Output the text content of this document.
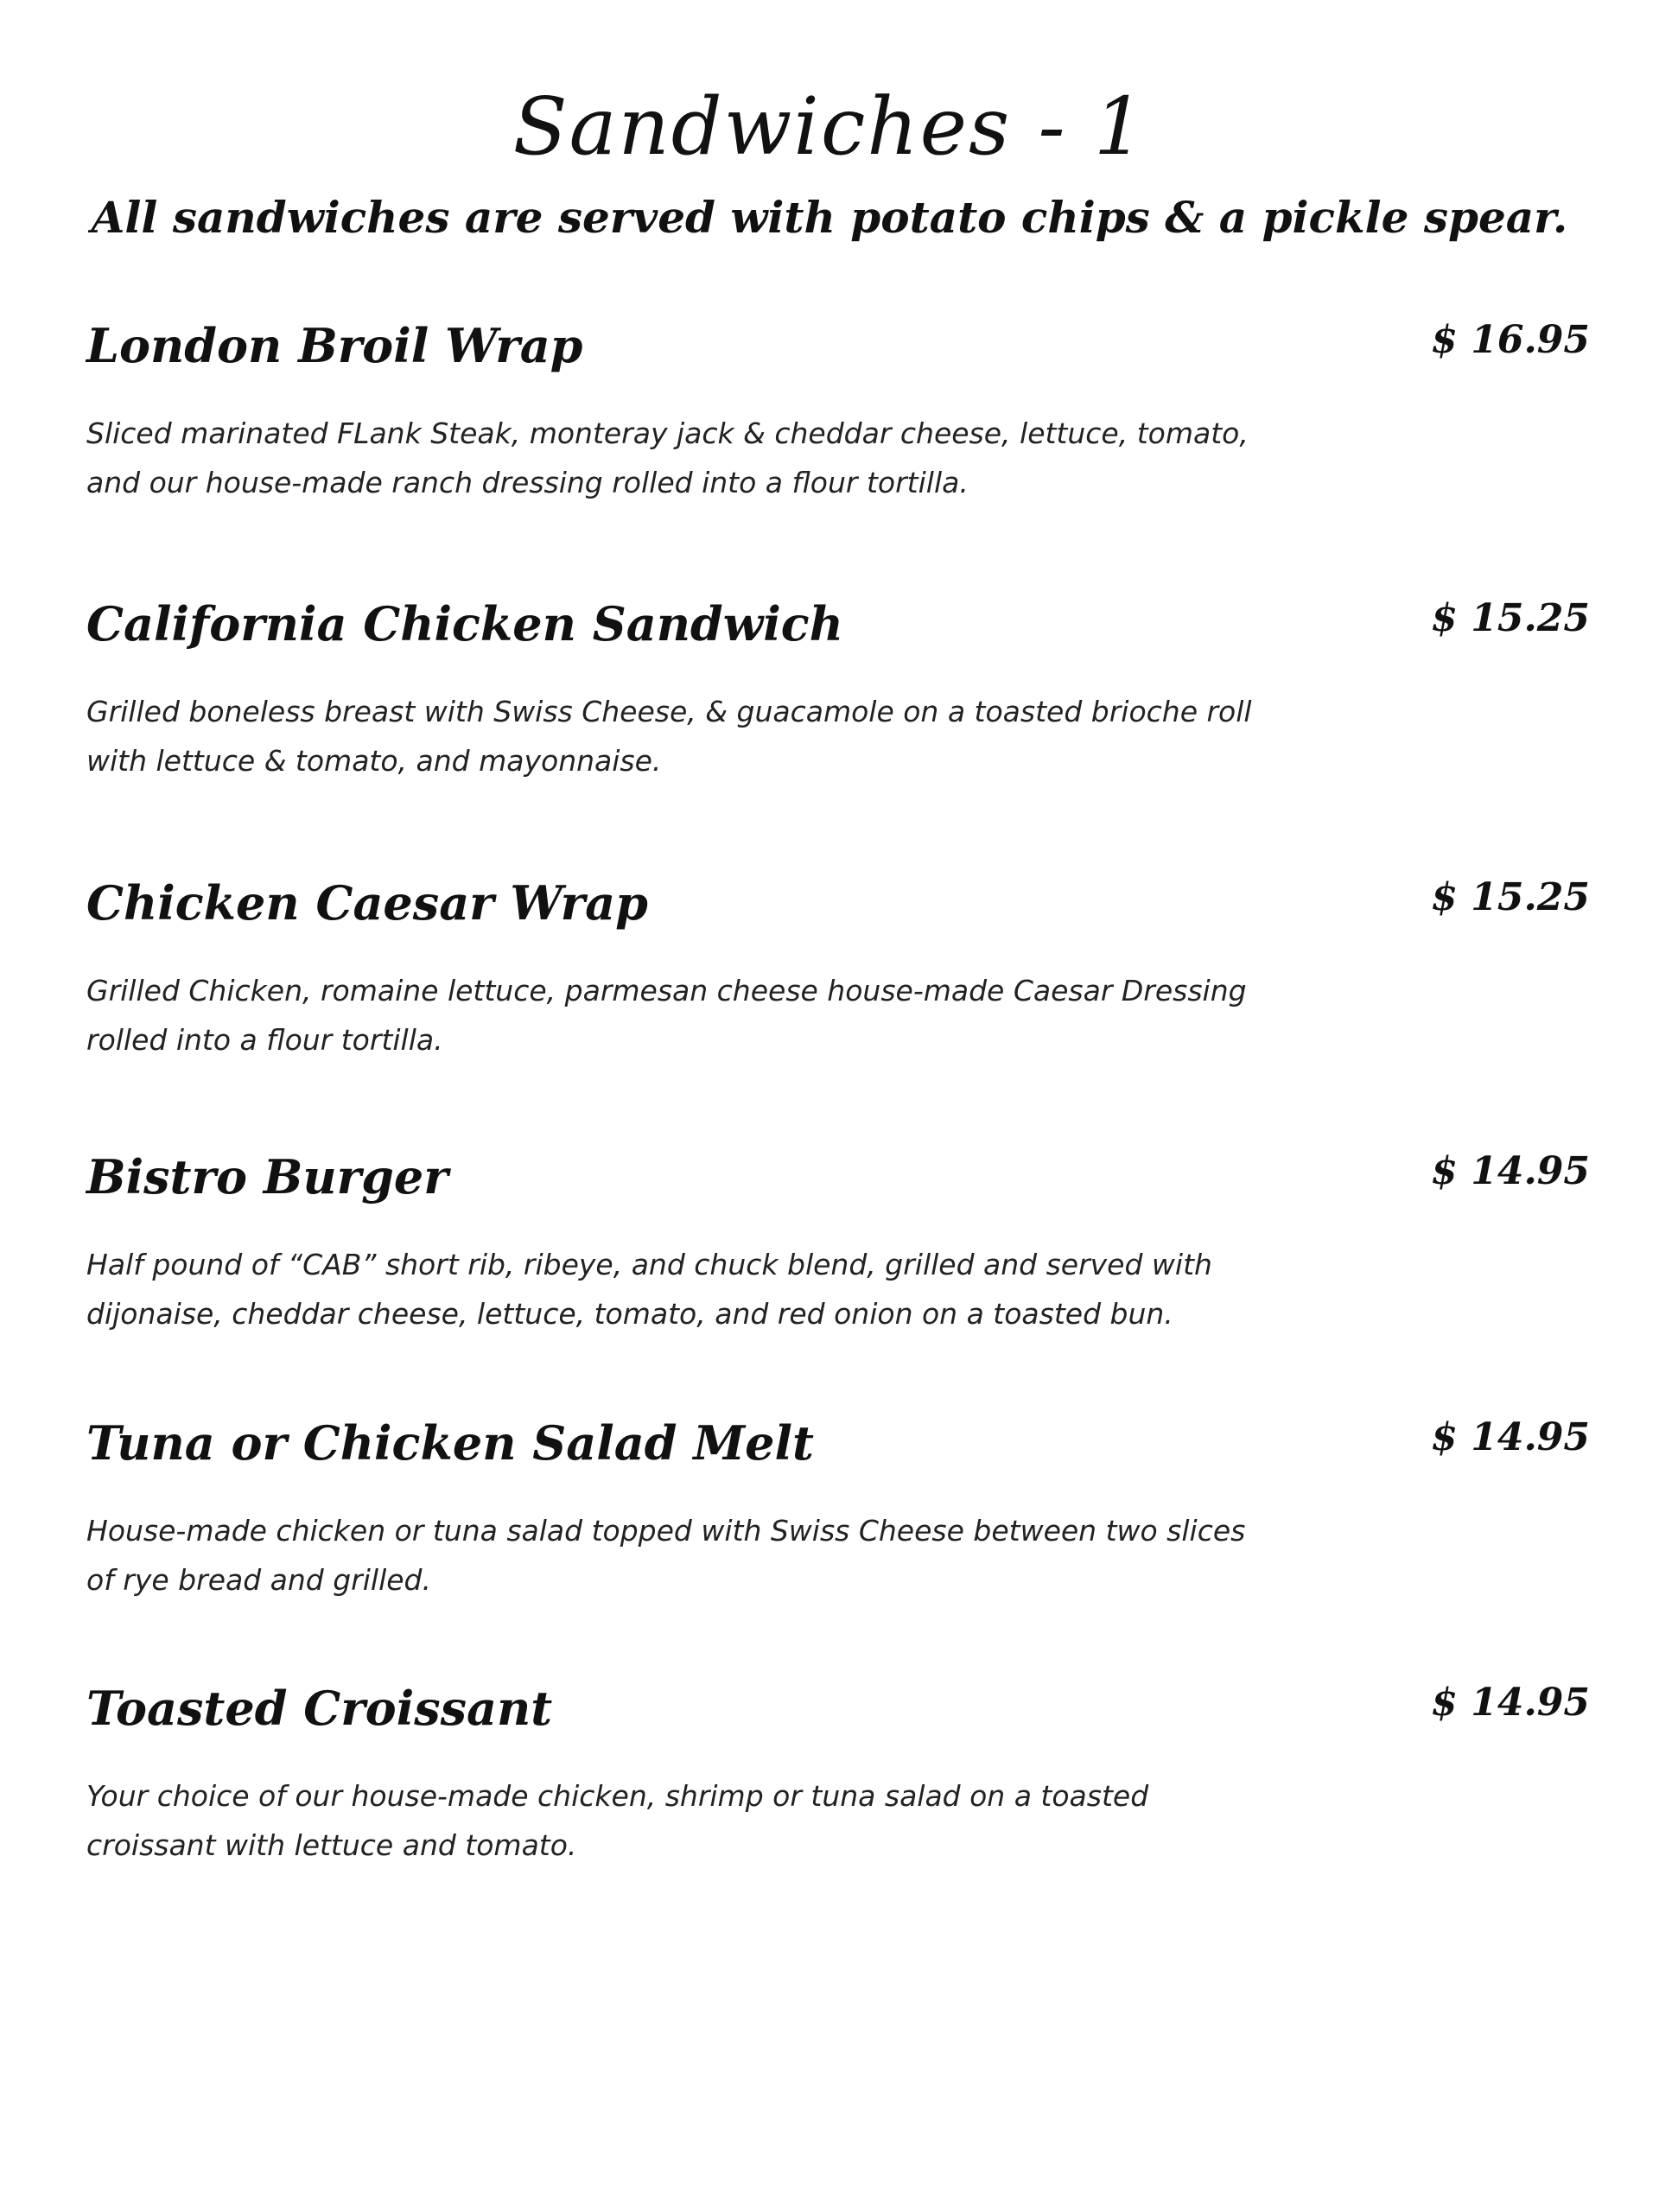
Sandwiches - 1
All sandwiches are served with potato chips & a pickle spear.
London Broil Wrap	$ 16.95
Sliced marinated FLank Steak, monteray jack & cheddar cheese, lettuce, tomato, and our house-made ranch dressing rolled into a flour tortilla.
California Chicken Sandwich	$ 15.25
Grilled boneless breast with Swiss Cheese, & guacamole on a toasted brioche roll with lettuce & tomato, and mayonnaise.
Chicken Caesar Wrap	$ 15.25
Grilled Chicken, romaine lettuce, parmesan cheese house-made Caesar Dressing rolled into a flour tortilla.
Bistro Burger	$ 14.95
Half pound of “CAB” short rib, ribeye, and chuck blend, grilled and served with dijonaise, cheddar cheese, lettuce, tomato, and red onion on a toasted bun.
Tuna or Chicken Salad Melt	$ 14.95
House-made chicken or tuna salad topped with Swiss Cheese between two slices of rye bread and grilled.
Toasted Croissant	$ 14.95
Your choice of our house-made chicken, shrimp or tuna salad on a toasted croissant with lettuce and tomato.
